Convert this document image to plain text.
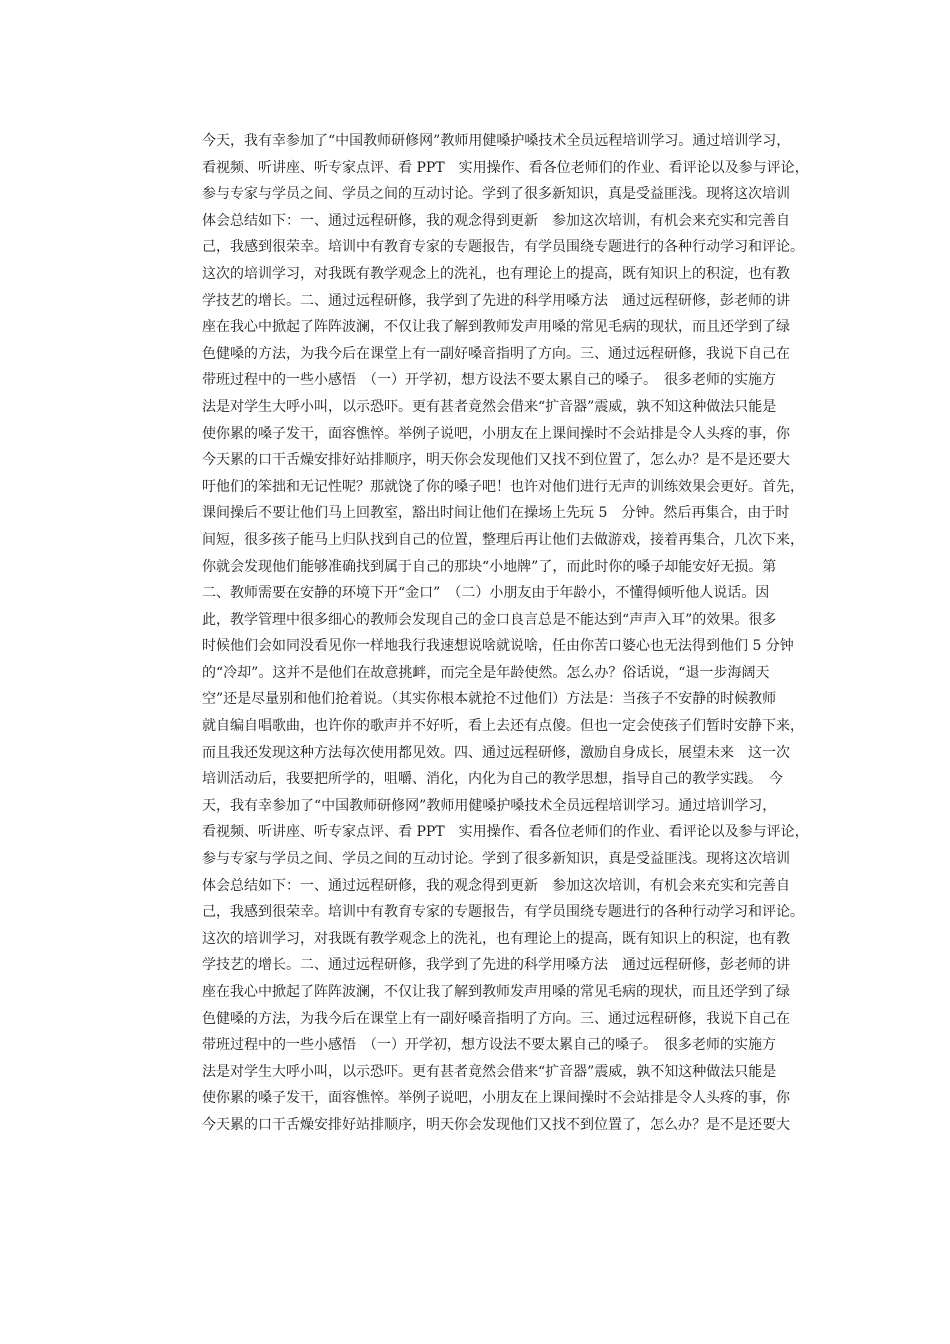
今天，我有幸参加了“中国教师研修网”教师用健嗓护嗓技术全员远程培训学习。通过培训学习，
看视频、听讲座、听专家点评、看 PPT　实用操作、看各位老师们的作业、看评论以及参与评论，
参与专家与学员之间、学员之间的互动讨论。学到了很多新知识，真是受益匪浅。现将这次培训
体会总结如下：一、通过远程研修，我的观念得到更新　参加这次培训，有机会来充实和完善自
己，我感到很荣幸。培训中有教育专家的专题报告，有学员围绕专题进行的各种行动学习和评论。
这次的培训学习，对我既有教学观念上的洗礼，也有理论上的提高，既有知识上的积淀，也有教
学技艺的增长。二、通过远程研修，我学到了先进的科学用嗓方法　通过远程研修，彭老师的讲
座在我心中掀起了阵阵波澜，不仅让我了解到教师发声用嗓的常见毛病的现状，而且还学到了绿
色健嗓的方法，为我今后在课堂上有一副好嗓音指明了方向。三、通过远程研修，我说下自己在
带班过程中的一些小感悟　（一）开学初，想方设法不要太累自己的嗓子。　很多老师的实施方
法是对学生大呼小叫，以示恐吓。更有甚者竟然会借来“扩音器”震威，孰不知这种做法只能是
使你累的嗓子发干，面容憔悴。举例子说吧，小朋友在上课间操时不会站排是令人头疼的事，你
今天累的口干舌燥安排好站排顺序，明天你会发现他们又找不到位置了，怎么办？是不是还要大
吁他们的笨拙和无记性呢？那就饶了你的嗓子吧！也许对他们进行无声的训练效果会更好。首先，
课间操后不要让他们马上回教室，豁出时间让他们在操场上先玩 5　分钟。然后再集合，由于时
间短，很多孩子能马上归队找到自己的位置，整理后再让他们去做游戏，接着再集合，几次下来，
你就会发现他们能够准确找到属于自己的那块“小地牌”了，而此时你的嗓子却能安好无损。第
二、教师需要在安静的环境下开“金口”　（二）小朋友由于年龄小，不懂得倾听他人说话。因
此，教学管理中很多细心的教师会发现自己的金口良言总是不能达到“声声入耳”的效果。很多
时候他们会如同没看见你一样地我行我速想说啥就说啥，任由你苦口婆心也无法得到他们 5 分钟
的“冷却”。这并不是他们在故意挑衅，而完全是年龄使然。怎么办？俗话说，“退一步海阔天
空”还是尽量别和他们抢着说。（其实你根本就抢不过他们）方法是：当孩子不安静的时候教师
就自编自唱歌曲，也许你的歌声并不好听，看上去还有点傻。但也一定会使孩子们暂时安静下来，
而且我还发现这种方法每次使用都见效。四、通过远程研修，激励自身成长，展望未来　这一次
培训活动后，我要把所学的，咀嚼、消化，内化为自己的教学思想，指导自己的教学实践。　今
天，我有幸参加了“中国教师研修网”教师用健嗓护嗓技术全员远程培训学习。通过培训学习，
看视频、听讲座、听专家点评、看 PPT　实用操作、看各位老师们的作业、看评论以及参与评论，
参与专家与学员之间、学员之间的互动讨论。学到了很多新知识，真是受益匪浅。现将这次培训
体会总结如下：一、通过远程研修，我的观念得到更新　参加这次培训，有机会来充实和完善自
己，我感到很荣幸。培训中有教育专家的专题报告，有学员围绕专题进行的各种行动学习和评论。
这次的培训学习，对我既有教学观念上的洗礼，也有理论上的提高，既有知识上的积淀，也有教
学技艺的增长。二、通过远程研修，我学到了先进的科学用嗓方法　通过远程研修，彭老师的讲
座在我心中掀起了阵阵波澜，不仅让我了解到教师发声用嗓的常见毛病的现状，而且还学到了绿
色健嗓的方法，为我今后在课堂上有一副好嗓音指明了方向。三、通过远程研修，我说下自己在
带班过程中的一些小感悟　（一）开学初，想方设法不要太累自己的嗓子。　很多老师的实施方
法是对学生大呼小叫，以示恐吓。更有甚者竟然会借来“扩音器”震威，孰不知这种做法只能是
使你累的嗓子发干，面容憔悴。举例子说吧，小朋友在上课间操时不会站排是令人头疼的事，你
今天累的口干舌燥安排好站排顺序，明天你会发现他们又找不到位置了，怎么办？是不是还要大
